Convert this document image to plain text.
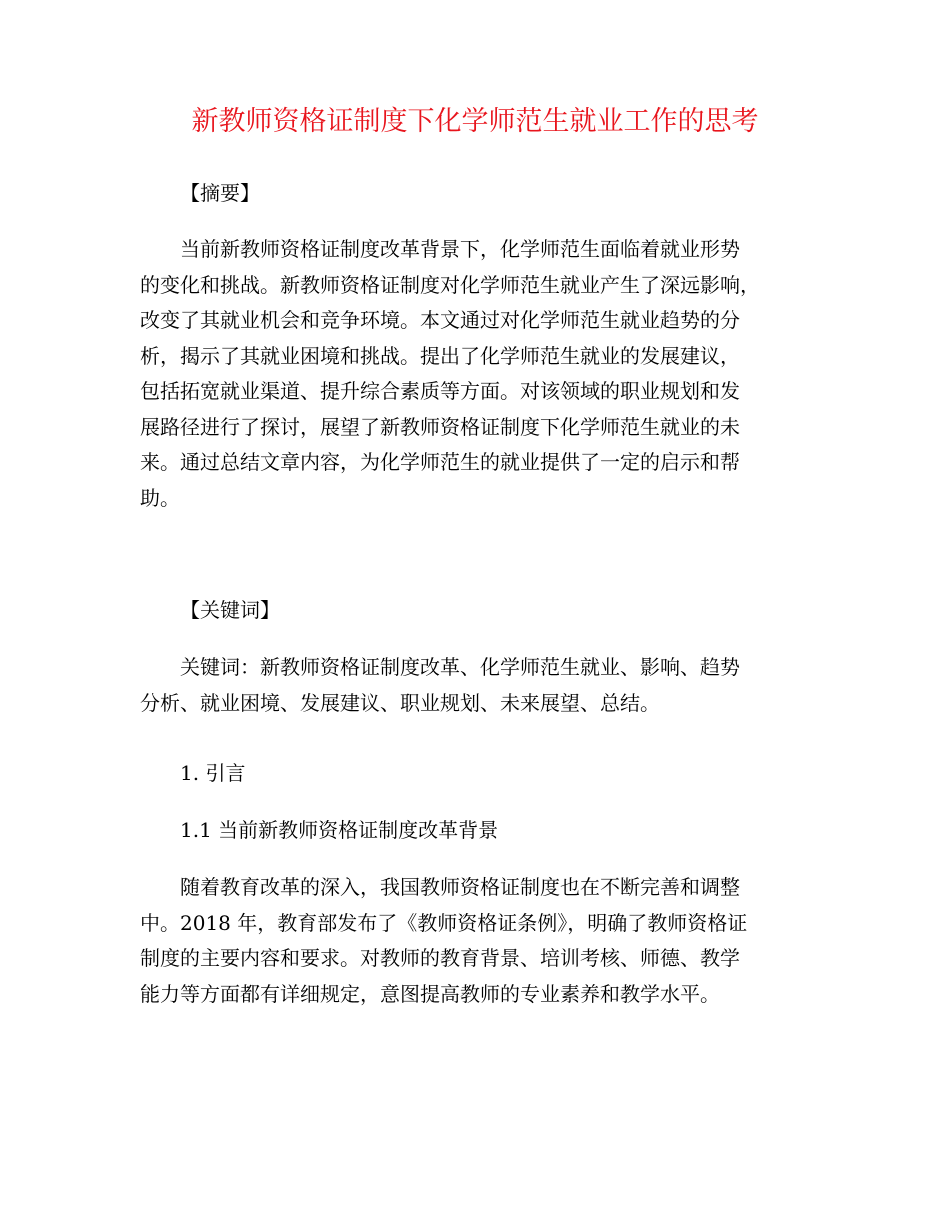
新教师资格证制度下化学师范生就业工作的思考
【摘要】
当前新教师资格证制度改革背景下，化学师范生面临着就业形势
的变化和挑战。新教师资格证制度对化学师范生就业产生了深远影响，
改变了其就业机会和竞争环境。本文通过对化学师范生就业趋势的分
析，揭示了其就业困境和挑战。提出了化学师范生就业的发展建议，
包括拓宽就业渠道、提升综合素质等方面。对该领域的职业规划和发
展路径进行了探讨，展望了新教师资格证制度下化学师范生就业的未
来。通过总结文章内容，为化学师范生的就业提供了一定的启示和帮
助。
【关键词】
关键词：新教师资格证制度改革、化学师范生就业、影响、趋势
分析、就业困境、发展建议、职业规划、未来展望、总结。
1. 引言
1.1 当前新教师资格证制度改革背景
随着教育改革的深入，我国教师资格证制度也在不断完善和调整
中。2018 年，教育部发布了《教师资格证条例》，明确了教师资格证
制度的主要内容和要求。对教师的教育背景、培训考核、师德、教学
能力等方面都有详细规定，意图提高教师的专业素养和教学水平。
